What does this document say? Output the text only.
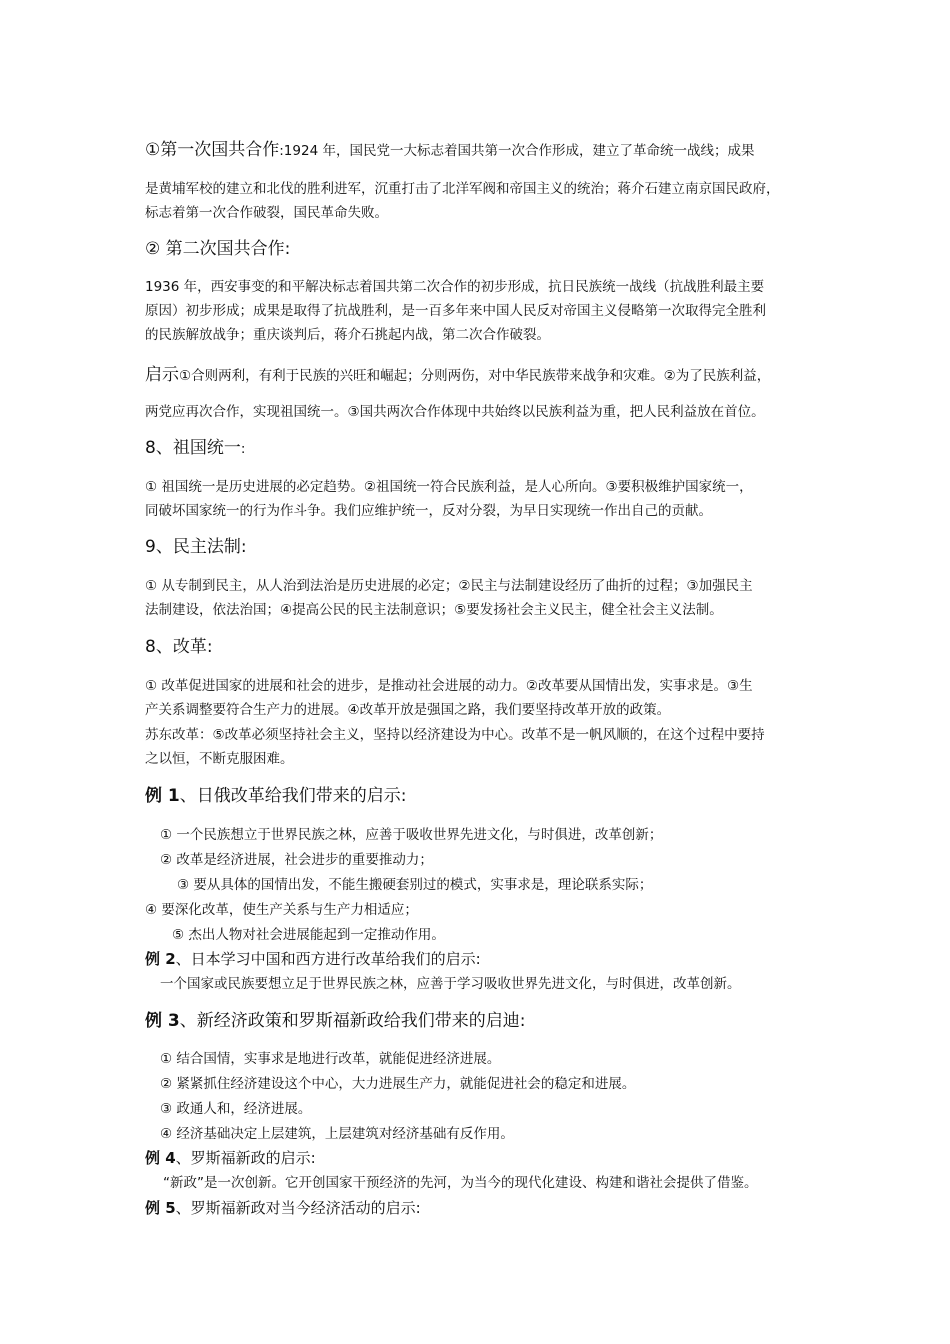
①第一次国共合作:1924 年，国民党一大标志着国共第一次合作形成，建立了革命统一战线；成果
是黄埔军校的建立和北伐的胜利进军，沉重打击了北洋军阀和帝国主义的统治；蒋介石建立南京国民政府，
标志着第一次合作破裂，国民革命失败。
② 第二次国共合作:
1936 年，西安事变的和平解决标志着国共第二次合作的初步形成，抗日民族统一战线（抗战胜利最主要
原因）初步形成；成果是取得了抗战胜利，是一百多年来中国人民反对帝国主义侵略第一次取得完全胜利
的民族解放战争；重庆谈判后，蒋介石挑起内战，第二次合作破裂。
启示①合则两利，有利于民族的兴旺和崛起；分则两伤，对中华民族带来战争和灾难。②为了民族利益，
两党应再次合作，实现祖国统一。③国共两次合作体现中共始终以民族利益为重，把人民利益放在首位。
8、祖国统一:
① 祖国统一是历史进展的必定趋势。②祖国统一符合民族利益，是人心所向。③要积极维护国家统一，
同破坏国家统一的行为作斗争。我们应维护统一，反对分裂，为早日实现统一作出自己的贡献。
9、民主法制:
① 从专制到民主，从人治到法治是历史进展的必定；②民主与法制建设经历了曲折的过程；③加强民主
法制建设，依法治国；④提高公民的民主法制意识；⑤要发扬社会主义民主，健全社会主义法制。
8、改革:
① 改革促进国家的进展和社会的进步，是推动社会进展的动力。②改革要从国情出发，实事求是。③生
产关系调整要符合生产力的进展。④改革开放是强国之路，我们要坚持改革开放的政策。
苏东改革：⑤改革必须坚持社会主义，坚持以经济建设为中心。改革不是一帆风顺的，在这个过程中要持
之以恒，不断克服困难。
例 1、日俄改革给我们带来的启示:
① 一个民族想立于世界民族之林，应善于吸收世界先进文化，与时俱进，改革创新；
② 改革是经济进展，社会进步的重要推动力；
③ 要从具体的国情出发，不能生搬硬套别过的模式，实事求是，理论联系实际；
④ 要深化改革，使生产关系与生产力相适应；
⑤ 杰出人物对社会进展能起到一定推动作用。
例 2、日本学习中国和西方进行改革给我们的启示:
一个国家或民族要想立足于世界民族之林，应善于学习吸收世界先进文化，与时俱进，改革创新。
例 3、新经济政策和罗斯福新政给我们带来的启迪:
① 结合国情，实事求是地进行改革，就能促进经济进展。
② 紧紧抓住经济建设这个中心，大力进展生产力，就能促进社会的稳定和进展。
③ 政通人和，经济进展。
④ 经济基础决定上层建筑，上层建筑对经济基础有反作用。
例 4、罗斯福新政的启示:
“新政”是一次创新。它开创国家干预经济的先河，为当今的现代化建设、构建和谐社会提供了借鉴。
例 5、罗斯福新政对当今经济活动的启示:
